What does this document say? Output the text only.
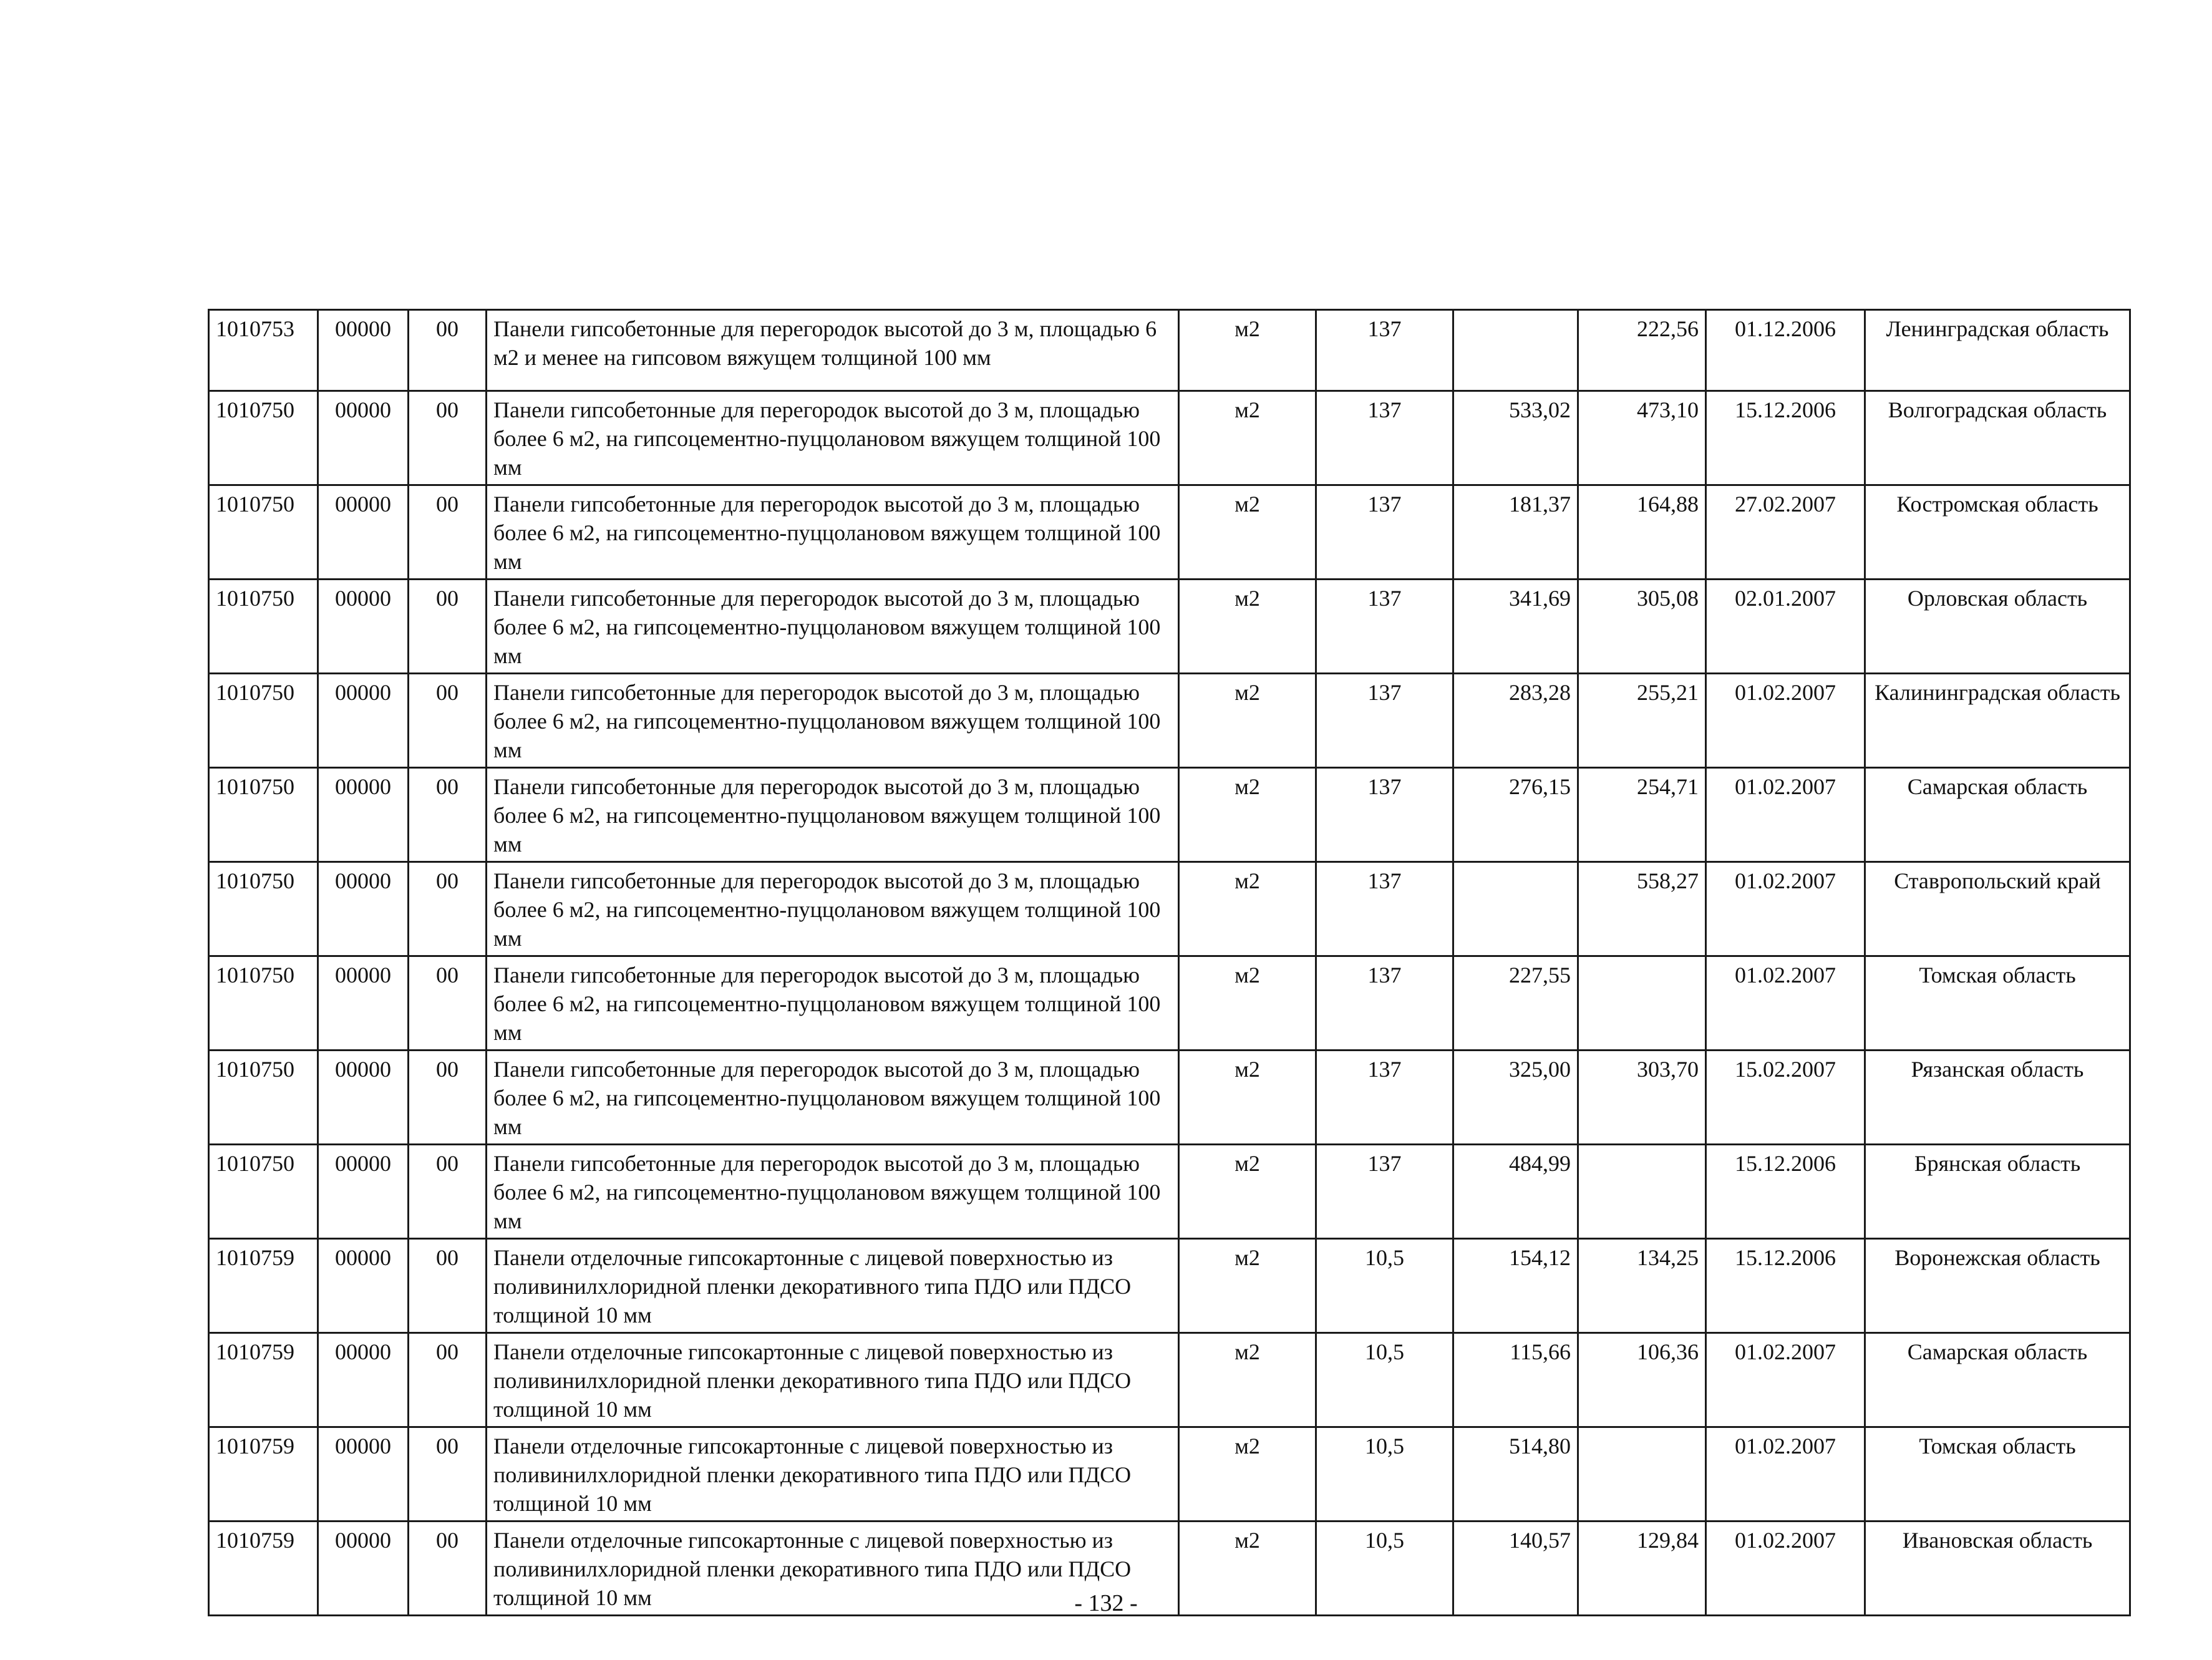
1010753	00000	00	Панели гипсобетонные для перегородок высотой до 3 м, площадью 6 м2 и менее на гипсовом вяжущем толщиной 100 мм	м2	137		222,56	01.12.2006	Ленинградская область
1010750	00000	00	Панели гипсобетонные для перегородок высотой до 3 м, площадью более 6 м2, на гипсоцементно-пуццолановом вяжущем толщиной 100 мм	м2	137	533,02	473,10	15.12.2006	Волгоградская область
1010750	00000	00	Панели гипсобетонные для перегородок высотой до 3 м, площадью более 6 м2, на гипсоцементно-пуццолановом вяжущем толщиной 100 мм	м2	137	181,37	164,88	27.02.2007	Костромская область
1010750	00000	00	Панели гипсобетонные для перегородок высотой до 3 м, площадью более 6 м2, на гипсоцементно-пуццолановом вяжущем толщиной 100 мм	м2	137	341,69	305,08	02.01.2007	Орловская область
1010750	00000	00	Панели гипсобетонные для перегородок высотой до 3 м, площадью более 6 м2, на гипсоцементно-пуццолановом вяжущем толщиной 100 мм	м2	137	283,28	255,21	01.02.2007	Калининградская область
1010750	00000	00	Панели гипсобетонные для перегородок высотой до 3 м, площадью более 6 м2, на гипсоцементно-пуццолановом вяжущем толщиной 100 мм	м2	137	276,15	254,71	01.02.2007	Самарская область
1010750	00000	00	Панели гипсобетонные для перегородок высотой до 3 м, площадью более 6 м2, на гипсоцементно-пуццолановом вяжущем толщиной 100 мм	м2	137		558,27	01.02.2007	Ставропольский край
1010750	00000	00	Панели гипсобетонные для перегородок высотой до 3 м, площадью более 6 м2, на гипсоцементно-пуццолановом вяжущем толщиной 100 мм	м2	137	227,55		01.02.2007	Томская область
1010750	00000	00	Панели гипсобетонные для перегородок высотой до 3 м, площадью более 6 м2, на гипсоцементно-пуццолановом вяжущем толщиной 100 мм	м2	137	325,00	303,70	15.02.2007	Рязанская область
1010750	00000	00	Панели гипсобетонные для перегородок высотой до 3 м, площадью более 6 м2, на гипсоцементно-пуццолановом вяжущем толщиной 100 мм	м2	137	484,99		15.12.2006	Брянская область
1010759	00000	00	Панели отделочные гипсокартонные с лицевой поверхностью из поливинилхлоридной пленки декоративного типа ПДО или ПДСО толщиной 10 мм	м2	10,5	154,12	134,25	15.12.2006	Воронежская область
1010759	00000	00	Панели отделочные гипсокартонные с лицевой поверхностью из поливинилхлоридной пленки декоративного типа ПДО или ПДСО толщиной 10 мм	м2	10,5	115,66	106,36	01.02.2007	Самарская область
1010759	00000	00	Панели отделочные гипсокартонные с лицевой поверхностью из поливинилхлоридной пленки декоративного типа ПДО или ПДСО толщиной 10 мм	м2	10,5	514,80		01.02.2007	Томская область
1010759	00000	00	Панели отделочные гипсокартонные с лицевой поверхностью из поливинилхлоридной пленки декоративного типа ПДО или ПДСО толщиной 10 мм	м2	10,5	140,57	129,84	01.02.2007	Ивановская область
- 132 -
